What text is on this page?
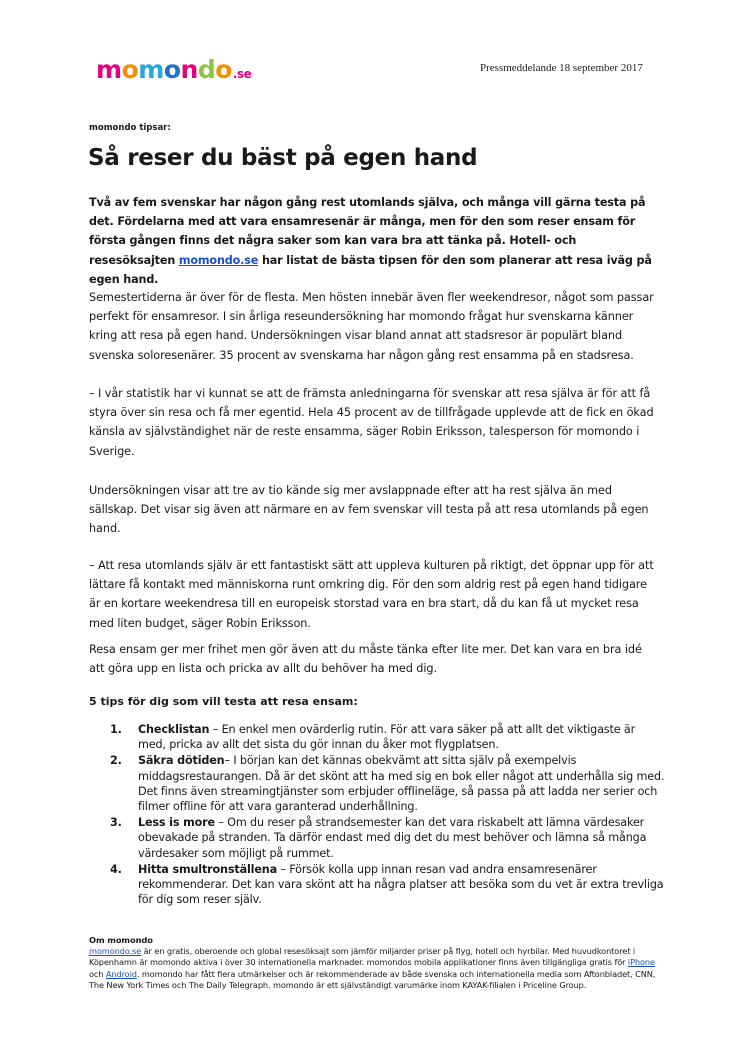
momondo.se	Pressmeddelande 18 september 2017
momondo tipsar:
Så reser du bäst på egen hand

Två av fem svenskar har någon gång rest utomlands själva, och många vill gärna testa på det. Fördelarna med att vara ensamresenär är många, men för den som reser ensam för första gången finns det några saker som kan vara bra att tänka på. Hotell- och resesöksajten momondo.se har listat de bästa tipsen för den som planerar att resa iväg på egen hand.

Semestertiderna är över för de flesta. Men hösten innebär även fler weekendresor, något som passar perfekt för ensamresor. I sin årliga reseundersökning har momondo frågat hur svenskarna känner kring att resa på egen hand. Undersökningen visar bland annat att stadsresor är populärt bland svenska soloresenärer. 35 procent av svenskarna har någon gång rest ensamma på en stadsresa.

– I vår statistik har vi kunnat se att de främsta anledningarna för svenskar att resa själva är för att få styra över sin resa och få mer egentid. Hela 45 procent av de tillfrågade upplevde att de fick en ökad känsla av självständighet när de reste ensamma, säger Robin Eriksson, talesperson för momondo i Sverige.

Undersökningen visar att tre av tio kände sig mer avslappnade efter att ha rest själva än med sällskap. Det visar sig även att närmare en av fem svenskar vill testa på att resa utomlands på egen hand.

– Att resa utomlands själv är ett fantastiskt sätt att uppleva kulturen på riktigt, det öppnar upp för att lättare få kontakt med människorna runt omkring dig. För den som aldrig rest på egen hand tidigare är en kortare weekendresa till en europeisk storstad vara en bra start, då du kan få ut mycket resa med liten budget, säger Robin Eriksson.

Resa ensam ger mer frihet men gör även att du måste tänka efter lite mer. Det kan vara en bra idé att göra upp en lista och pricka av allt du behöver ha med dig.

5 tips för dig som vill testa att resa ensam:

1. Checklistan – En enkel men ovärderlig rutin. För att vara säker på att allt det viktigaste är med, pricka av allt det sista du gör innan du åker mot flygplatsen.
2. Säkra dötiden– I början kan det kännas obekvämt att sitta själv på exempelvis middagsrestaurangen. Då är det skönt att ha med sig en bok eller något att underhålla sig med. Det finns även streamingtjänster som erbjuder offlineläge, så passa på att ladda ner serier och filmer offline för att vara garanterad underhållning.
3. Less is more – Om du reser på strandsemester kan det vara riskabelt att lämna värdesaker obevakade på stranden. Ta därför endast med dig det du mest behöver och lämna så många värdesaker som möjligt på rummet.
4. Hitta smultronställena – Försök kolla upp innan resan vad andra ensamresenärer rekommenderar. Det kan vara skönt att ha några platser att besöka som du vet är extra trevliga för dig som reser själv.
Om momondo
momondo.se är en gratis, oberoende och global resesöksajt som jämför miljarder priser på flyg, hotell och hyrbilar. Med huvudkontoret i Köpenhamn är momondo aktiva i över 30 internationella marknader. momondos mobila applikationer finns även tillgängliga gratis för iPhone och Android. momondo har fått flera utmärkelser och är rekommenderade av både svenska och internationella media som Aftonbladet, CNN, The New York Times och The Daily Telegraph. momondo är ett självständigt varumärke inom KAYAK-filialen i Priceline Group.
